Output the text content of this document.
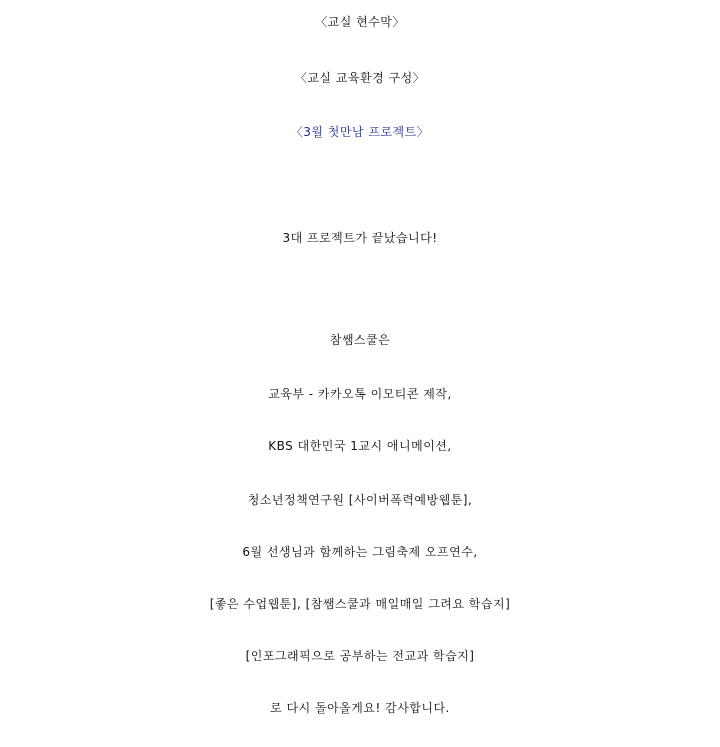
〈교실 현수막〉
〈교실 교육환경 구성〉
〈3월 첫만남 프로젝트〉
3대 프로젝트가 끝났습니다!
참쌤스쿨은
교육부 - 카카오톡 이모티콘 제작,
KBS 대한민국 1교시 애니메이션,
청소년정책연구원 [사이버폭력예방웹툰],
6월 선생님과 함께하는 그림축제 오프연수,
[좋은 수업웹툰], [참쌤스쿨과 매일매일 그려요 학습지]
[인포그래픽으로 공부하는 전교과 학습지]
로 다시 돌아올게요! 감사합니다.
